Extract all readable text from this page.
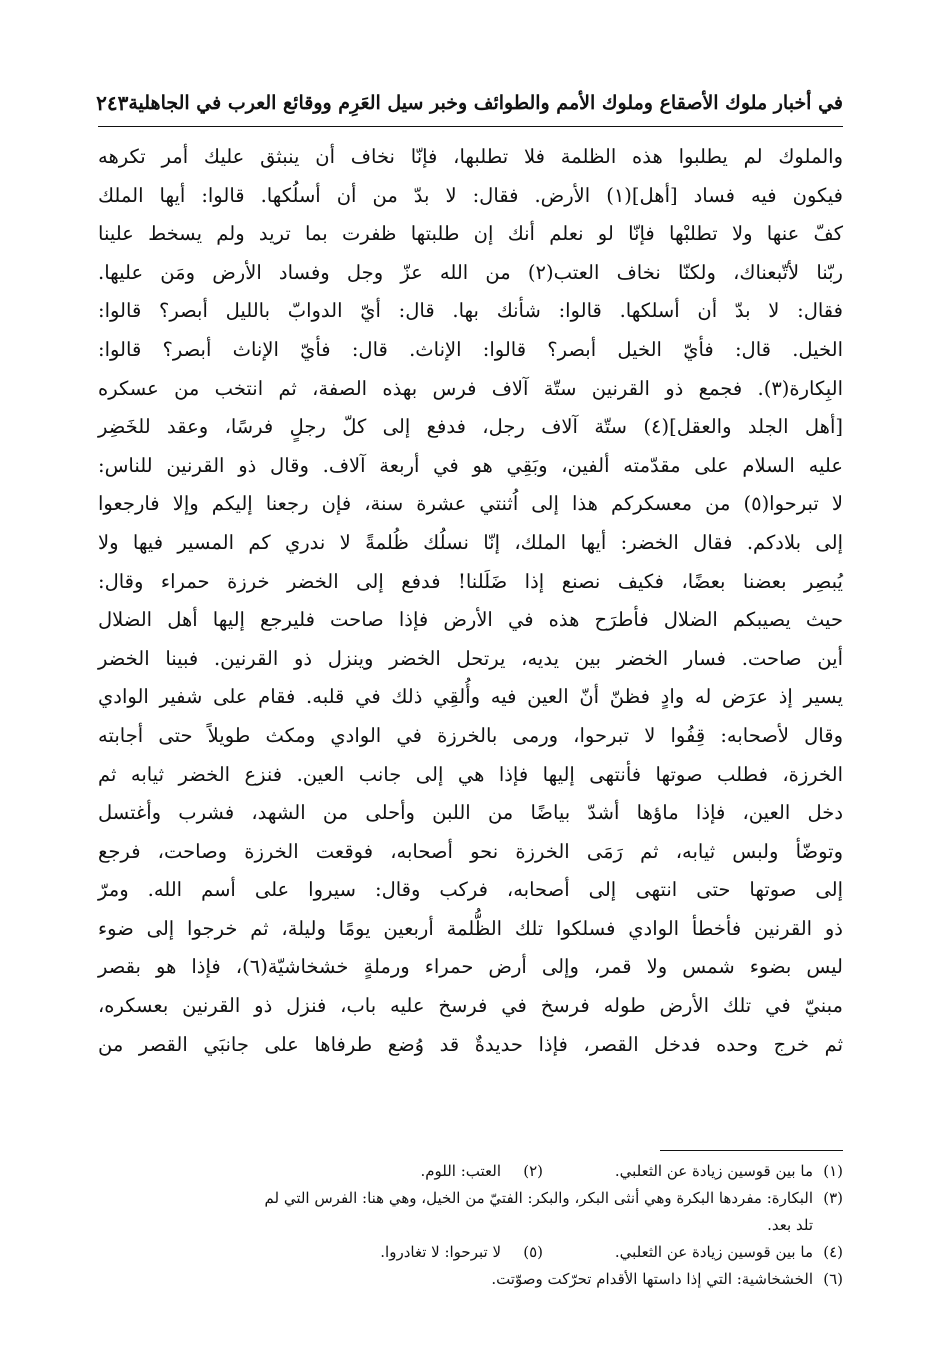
في أخبار ملوك الأصقاع وملوك الأمم والطوائف وخبر سيل العَرِم ووقائع العرب في الجاهلية
٢٤٣
والملوك لم يطلبوا هذه الظلمة فلا تطلبها، فإنّا نخاف أن ينبثق عليك أمر تكرهه
فيكون فيه فساد [أهل](١) الأرض. فقال: لا بدّ من أن أسلُكها. قالوا: أيها الملك
كفّ عنها ولا تطلبْها فإنّا لو نعلم أنك إن طلبتها ظفرت بما تريد ولم يسخط علينا
ربّنا لأتّبعناك، ولكنّا نخاف العتب(٢) من الله عزّ وجل وفساد الأرض ومَن عليها.
فقال: لا بدّ أن أسلكها. قالوا: شأنك بها. قال: أيّ الدوابّ بالليل أبصر؟ قالوا:
الخيل. قال: فأيّ الخيل أبصر؟ قالوا: الإناث. قال: فأيّ الإناث أبصر؟ قالوا:
البِكارة(٣). فجمع ذو القرنين ستّة آلاف فرس بهذه الصفة، ثم انتخب من عسكره
[أهل الجلد والعقل](٤) ستّة آلاف رجل، فدفع إلى كلّ رجلٍ فرسًا، وعقد للخَضِر
عليه السلام على مقدّمته ألفين، وبَقِي هو في أربعة آلاف. وقال ذو القرنين للناس:
لا تبرحوا(٥) من معسكركم هذا إلى اُثنتي عشرة سنة، فإن رجعنا إليكم وإلا فارجعوا
إلى بلادكم. فقال الخضر: أيها الملك، إنّا نسلُك ظُلمةً لا ندري كم المسير فيها ولا
يُبصِر بعضنا بعضًا، فكيف نصنع إذا ضَلَلنا! فدفع إلى الخضر خرزة حمراء وقال:
حيث يصيبكم الضلال فأطرَح هذه في الأرض فإذا صاحت فليرجع إليها أهل الضلال
أين صاحت. فسار الخضر بين يديه، يرتحل الخضر وينزل ذو القرنين. فبينا الخضر
يسير إذ عرَض له وادٍ فظنّ أنّ العين فيه وأُلقِي ذلك في قلبه. فقام على شفير الوادي
وقال لأصحابه: قِفُوا لا تبرحوا، ورمى بالخرزة في الوادي ومكث طويلاً حتى أجابته
الخرزة، فطلب صوتها فأنتهى إليها فإذا هي إلى جانب العين. فنزع الخضر ثيابه ثم
دخل العين، فإذا ماؤها أشدّ بياضًا من اللبن وأحلى من الشهد، فشرب وأغتسل
وتوضّأ ولبس ثيابه، ثم رَمَى الخرزة نحو أصحابه، فوقعت الخرزة وصاحت، فرجع
إلى صوتها حتى انتهى إلى أصحابه، فركب وقال: سيروا على أسم الله. ومرّ
ذو القرنين فأخطأ الوادي فسلكوا تلك الظُّلمة أربعين يومًا وليلة، ثم خرجوا إلى ضوء
ليس بضوء شمس ولا قمر، وإلى أرض حمراء ورملةٍ خشخاشيّة(٦)، فإذا هو بقصر
مبنيّ في تلك الأرض طوله فرسخ في فرسخ عليه باب، فنزل ذو القرنين بعسكره،
ثم خرج وحده فدخل القصر، فإذا حديدةٌ قد وُضع طرفاها على جانبَي القصر من
(١)
ما بين قوسين زيادة عن الثعلبي.
(٢)
العتب: اللوم.
(٣)
البكارة: مفردها البكرة وهي أنثى البكر، والبكر: الفتيّ من الخيل، وهي هنا: الفرس التي لم
تلد بعد.
(٤)
ما بين قوسين زيادة عن الثعلبي.
(٥)
لا تبرحوا: لا تغادروا.
(٦)
الخشخاشية: التي إذا داستها الأقدام تحرّكت وصوّتت.
